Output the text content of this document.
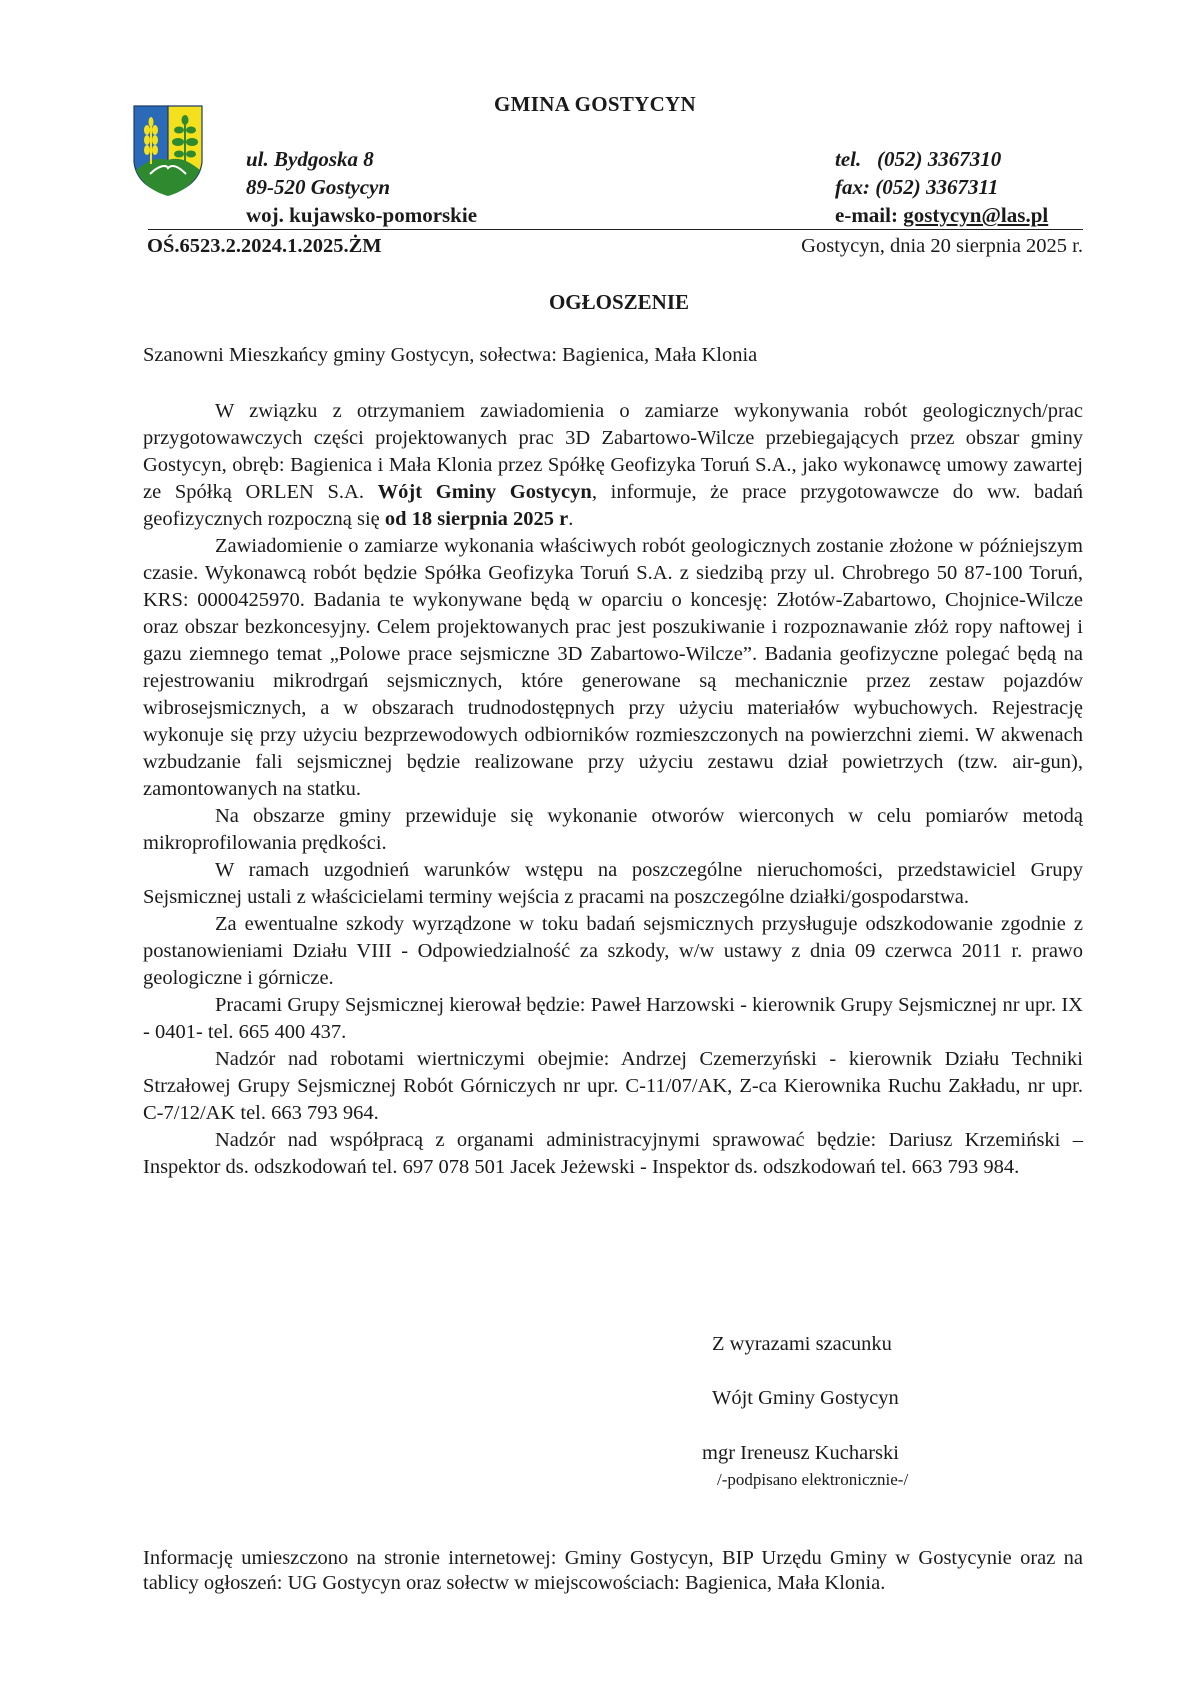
GMINA GOSTYCYN
ul. Bydgoska 8
89-520 Gostycyn
woj. kujawsko-pomorskie
tel.   (052) 3367310
fax: (052) 3367311
e-mail: gostycyn@las.pl
OŚ.6523.2.2024.1.2025.ŻM	Gostycyn, dnia 20 sierpnia 2025 r.
OGŁOSZENIE
Szanowni Mieszkańcy gminy Gostycyn, sołectwa: Bagienica, Mała Klonia

W związku z otrzymaniem zawiadomienia o zamiarze wykonywania robót geologicznych/prac przygotowawczych części projektowanych prac 3D Zabartowo-Wilcze przebiegających przez obszar gminy Gostycyn, obręb: Bagienica i Mała Klonia przez Spółkę Geofizyka Toruń S.A., jako wykonawcę umowy zawartej ze Spółką ORLEN S.A. Wójt Gminy Gostycyn, informuje, że prace przygotowawcze do ww. badań geofizycznych rozpoczną się od 18 sierpnia 2025 r.

Zawiadomienie o zamiarze wykonania właściwych robót geologicznych zostanie złożone w późniejszym czasie. Wykonawcą robót będzie Spółka Geofizyka Toruń S.A. z siedzibą przy ul. Chrobrego 50 87-100 Toruń, KRS: 0000425970. Badania te wykonywane będą w oparciu o koncesję: Złotów-Zabartowo, Chojnice-Wilcze oraz obszar bezkoncesyjny. Celem projektowanych prac jest poszukiwanie i rozpoznawanie złóż ropy naftowej i gazu ziemnego temat „Polowe prace sejsmiczne 3D Zabartowo-Wilcze”. Badania geofizyczne polegać będą na rejestrowaniu mikrodrgań sejsmicznych, które generowane są mechanicznie przez zestaw pojazdów wibrosejsmicznych, a w obszarach trudnodostępnych przy użyciu materiałów wybuchowych. Rejestrację wykonuje się przy użyciu bezprzewodowych odbiorników rozmieszczonych na powierzchni ziemi. W akwenach wzbudzanie fali sejsmicznej będzie realizowane przy użyciu zestawu dział powietrzych (tzw. air-gun), zamontowanych na statku.

Na obszarze gminy przewiduje się wykonanie otworów wierconych w celu pomiarów metodą mikroprofilowania prędkości.

W ramach uzgodnień warunków wstępu na poszczególne nieruchomości, przedstawiciel Grupy Sejsmicznej ustali z właścicielami terminy wejścia z pracami na poszczególne działki/gospodarstwa.

Za ewentualne szkody wyrządzone w toku badań sejsmicznych przysługuje odszkodowanie zgodnie z postanowieniami Działu VIII - Odpowiedzialność za szkody, w/w ustawy z dnia 09 czerwca 2011 r. prawo geologiczne i górnicze.

Pracami Grupy Sejsmicznej kierował będzie: Paweł Harzowski - kierownik Grupy Sejsmicznej nr upr. IX - 0401- tel. 665 400 437.

Nadzór nad robotami wiertniczymi obejmie: Andrzej Czemerzyński - kierownik Działu Techniki Strzałowej Grupy Sejsmicznej Robót Górniczych nr upr. C-11/07/AK, Z-ca Kierownika Ruchu Zakładu, nr upr. C-7/12/AK tel. 663 793 964.

Nadzór nad współpracą z organami administracyjnymi sprawować będzie: Dariusz Krzemiński – Inspektor ds. odszkodowań tel. 697 078 501 Jacek Jeżewski - Inspektor ds. odszkodowań tel. 663 793 984.

Z wyrazami szacunku
Wójt Gminy Gostycyn
mgr Ireneusz Kucharski
/-podpisano elektronicznie-/
Informację umieszczono na stronie internetowej: Gminy Gostycyn, BIP Urzędu Gminy w Gostycynie oraz na tablicy ogłoszeń: UG Gostycyn oraz sołectw w miejscowościach: Bagienica, Mała Klonia.
